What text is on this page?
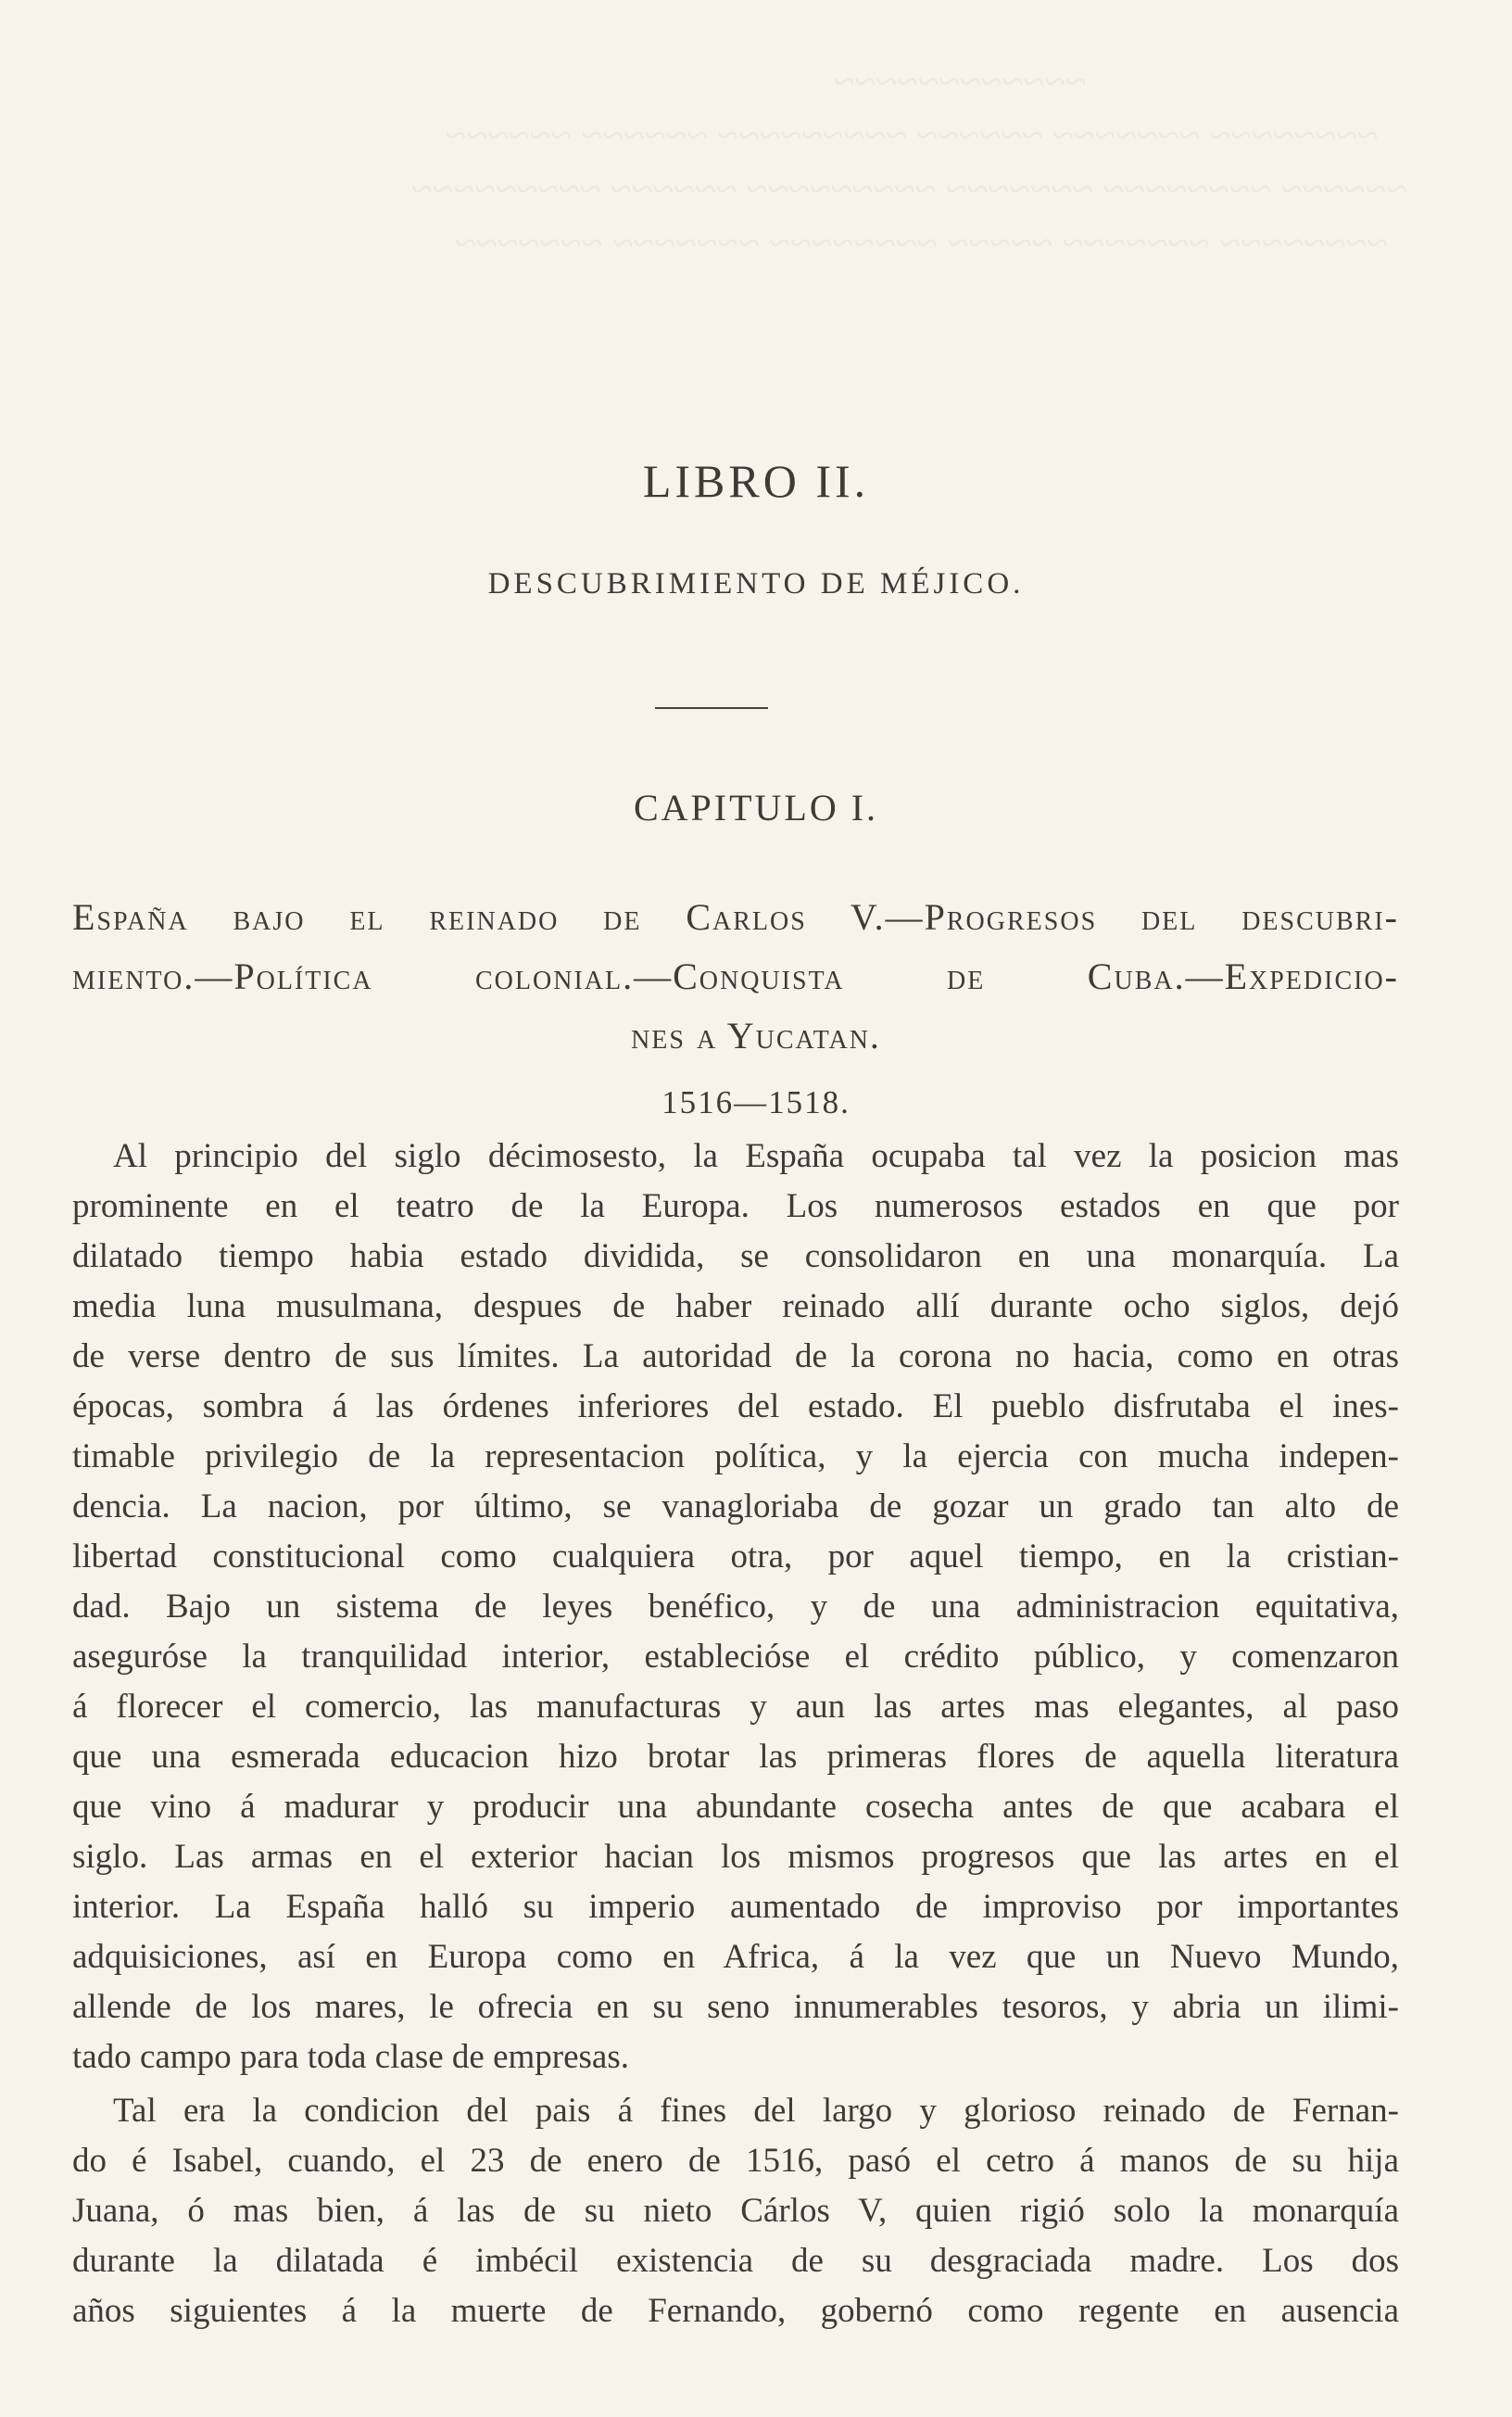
~~~~~~~~~~~~
~~~~~~~~ ~~~~~~~ ~~~~~~ ~~~~~~~~~ ~~~~~~ ~~~~~~
~~~~~~ ~~~~~~~~ ~~~~~~~ ~~~~~~~~~ ~~~~~~ ~~~~~~~~~
~~~~~~~~ ~~~~~~~ ~~~~~ ~~~~~~~~ ~~~~~~~ ~~~~~~~
LIBRO II.
DESCUBRIMIENTO DE MÉJICO.
CAPITULO I.
España bajo el reinado de Carlos V.—Progresos del descubri-
miento.—Política colonial.—Conquista de Cuba.—Expedicio-
nes a Yucatan.
1516—1518.
Al principio del siglo décimosesto, la España ocupaba tal vez la posicion mas
prominente en el teatro de la Europa. Los numerosos estados en que por
dilatado tiempo habia estado dividida, se consolidaron en una monarquía. La
media luna musulmana, despues de haber reinado allí durante ocho siglos, dejó
de verse dentro de sus límites. La autoridad de la corona no hacia, como en otras
épocas, sombra á las órdenes inferiores del estado. El pueblo disfrutaba el ines-
timable privilegio de la representacion política, y la ejercia con mucha indepen-
dencia. La nacion, por último, se vanagloriaba de gozar un grado tan alto de
libertad constitucional como cualquiera otra, por aquel tiempo, en la cristian-
dad. Bajo un sistema de leyes benéfico, y de una administracion equitativa,
aseguróse la tranquilidad interior, establecióse el crédito público, y comenzaron
á florecer el comercio, las manufacturas y aun las artes mas elegantes, al paso
que una esmerada educacion hizo brotar las primeras flores de aquella literatura
que vino á madurar y producir una abundante cosecha antes de que acabara el
siglo. Las armas en el exterior hacian los mismos progresos que las artes en el
interior. La España halló su imperio aumentado de improviso por importantes
adquisiciones, así en Europa como en Africa, á la vez que un Nuevo Mundo,
allende de los mares, le ofrecia en su seno innumerables tesoros, y abria un ilimi-
tado campo para toda clase de empresas.
Tal era la condicion del pais á fines del largo y glorioso reinado de Fernan-
do é Isabel, cuando, el 23 de enero de 1516, pasó el cetro á manos de su hija
Juana, ó mas bien, á las de su nieto Cárlos V, quien rigió solo la monarquía
durante la dilatada é imbécil existencia de su desgraciada madre. Los dos
años siguientes á la muerte de Fernando, gobernó como regente en ausencia
